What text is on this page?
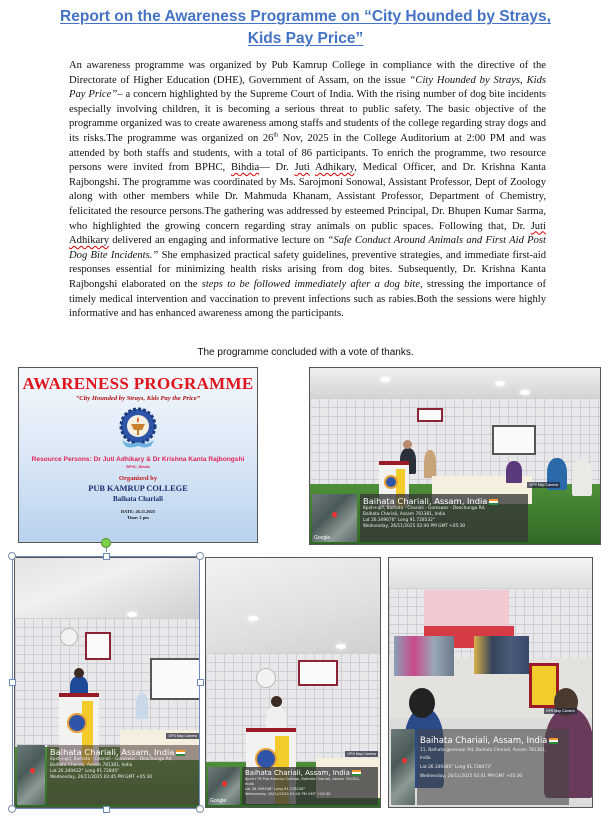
Report on the Awareness Programme on “City Hounded by Strays,
Kids Pay Price”

An awareness programme was organized by Pub Kamrup College in compliance with the directive of the Directorate of Higher Education (DHE), Government of Assam, on the issue “City Hounded by Strays, Kids Pay Price”– a concern highlighted by the Supreme Court of India. With the rising number of dog bite incidents especially involving children, it is becoming a serious threat to public safety. The basic objective of the programme organized was to create awareness among staffs and students of the college regarding stray dogs and its risks.The programme was organized on 26th Nov, 2025 in the College Auditorium at 2:00 PM and was attended by both staffs and students, with a total of 86 participants. To enrich the programme, two resource persons were invited from BPHC, Bihdia— Dr. Juti Adhikary, Medical Officer, and Dr. Krishna Kanta Rajbongshi. The programme was coordinated by Ms. Sarojmoni Sonowal, Assistant Professor, Dept of Zoology along with other members while Dr. Mahmuda Khanam, Assistant Professor, Department of Chemistry, felicitated the resource persons.The gathering was addressed by esteemed Principal, Dr. Bhupen Kumar Sarma, who highlighted the growing concern regarding stray animals on public spaces. Following that, Dr. Juti Adhikary delivered an engaging and informative lecture on “Safe Conduct Around Animals and First Aid Post Dog Bite Incidents.” She emphasized practical safety guidelines, preventive strategies, and immediate first-aid responses essential for minimizing health risks arising from dog bites. Subsequently, Dr. Krishna Kanta Rajbongshi elaborated on the steps to be followed immediately after a dog bite, stressing the importance of timely medical intervention and vaccination to prevent infections such as rabies.Both the sessions were highly informative and has enhanced awareness among the participants.

The programme concluded with a vote of thanks.
AWARENESS PROGRAMME
“City Hounded by Strays, Kids Pay the Price”
Resource Persons: Dr Juti Adhikary & Dr Krishna Kanta Rajbongshi
BPHC, Bihdia
Organized by
PUB KAMRUP COLLEGE
Baihata Chariali
DATE: 26.11.2025
Time: 2 pm
GPS Map Camera
Google
Baihata Chariali, Assam, India
8pxh+qcf, Baihata - Chariali - Goreswar - Deochunga Rd,
Baihata Chariali, Assam 781381, India
Lat 26.349676° Long 91.728532°
Wednesday, 26/11/2025 02:40 PM GMT +05:30
GPS Map Camera
Baihata Chariali, Assam, India
8pxh+qcf, Baihata - Chariali - Goreswar - Deochunga Rd,
Baihata Chariali, Assam 781381, India
Lat 26.349432° Long 91.72845°
Wednesday, 26/11/2025 02:45 PM GMT +05:30
GPS Map Camera
Google
Baihata Chariali, Assam, India
8pxh+78 Pub Kamrup College, Baihata Chariali, Assam 781381,
India
Lat 26.349448° Long 91.728258°
Wednesday, 26/11/2025 03:18 PM GMT +05:30
GPS Map Camera
Baihata Chariali, Assam, India
11, Baihata-goreswar Rd, Baihata Chariali, Assam 781381,
India
Lat 26.349385° Long 91.728473°
Wednesday, 26/11/2025 02:41 PM GMT +05:30
